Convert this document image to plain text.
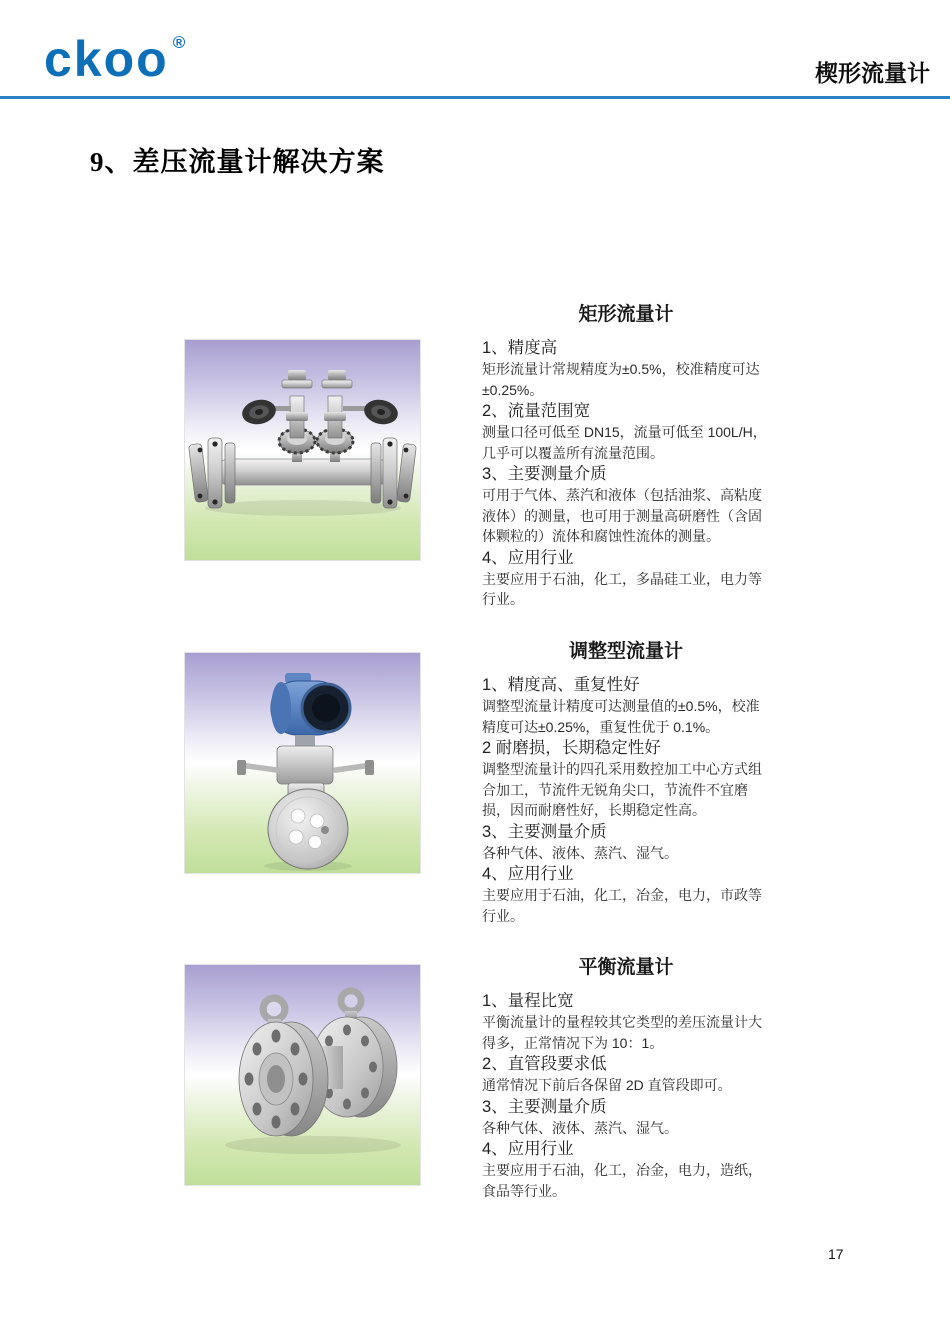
ckoo ®
楔形流量计
9、差压流量计解决方案
矩形流量计
1、精度高

矩形流量计常规精度为±0.5%，校准精度可达±0.25%。

2、流量范围宽

测量口径可低至 DN15，流量可低至 100L/H，几乎可以覆盖所有流量范围。

3、主要测量介质

可用于气体、蒸汽和液体（包括油浆、高粘度液体）的测量，也可用于测量高研磨性（含固体颗粒的）流体和腐蚀性流体的测量。

4、应用行业

主要应用于石油，化工，多晶硅工业，电力等行业。

调整型流量计
1、精度高、重复性好

调整型流量计精度可达测量值的±0.5%，校准精度可达±0.25%，重复性优于 0.1%。

2 耐磨损，长期稳定性好

调整型流量计的四孔采用数控加工中心方式组合加工，节流件无锐角尖口，节流件不宜磨损，因而耐磨性好，长期稳定性高。

3、主要测量介质

各种气体、液体、蒸汽、湿气。

4、应用行业

主要应用于石油，化工，冶金，电力，市政等行业。

平衡流量计
1、量程比宽

平衡流量计的量程较其它类型的差压流量计大得多，正常情况下为 10：1。

2、直管段要求低

通常情况下前后各保留 2D 直管段即可。

3、主要测量介质

各种气体、液体、蒸汽、湿气。

4、应用行业

主要应用于石油，化工，冶金，电力，造纸，食品等行业。

17
